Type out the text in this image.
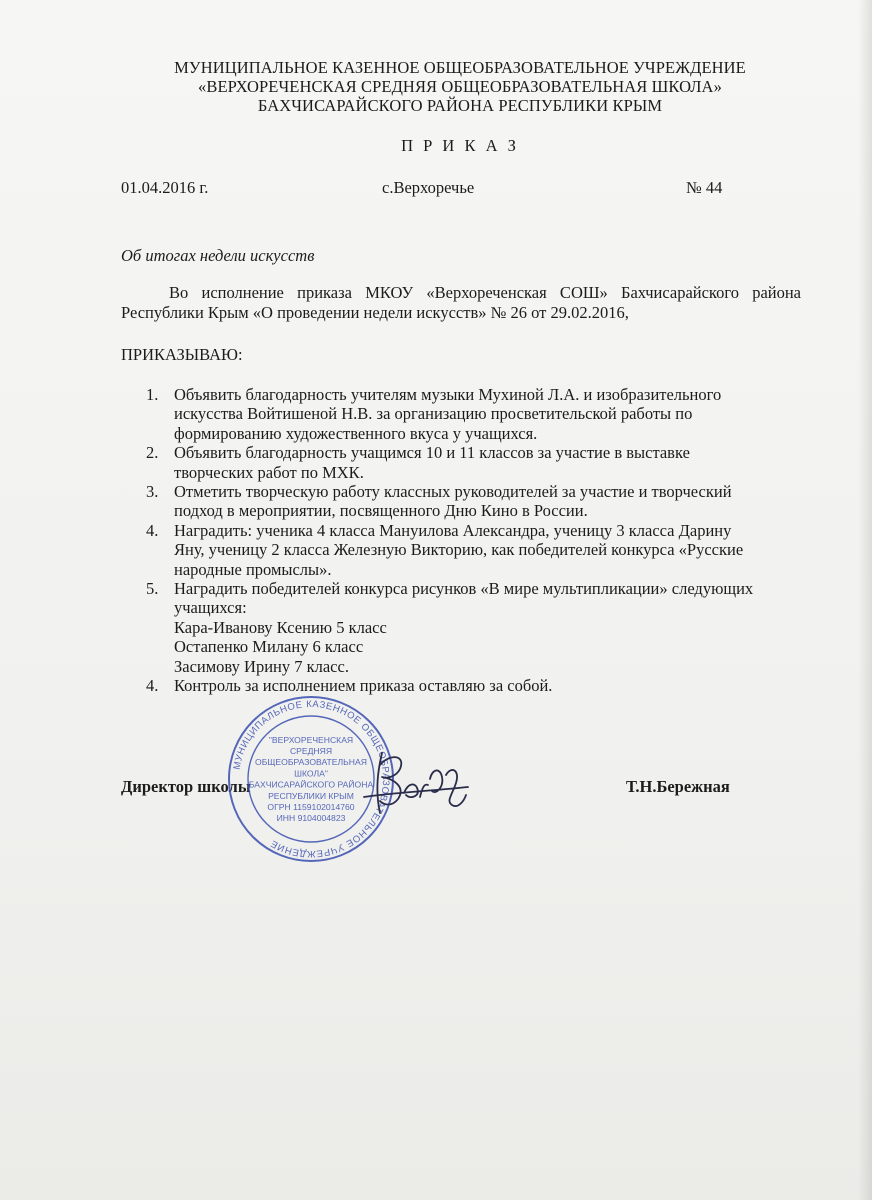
МУНИЦИПАЛЬНОЕ КАЗЕННОЕ ОБЩЕОБРАЗОВАТЕЛЬНОЕ УЧРЕЖДЕНИЕ
«ВЕРХОРЕЧЕНСКАЯ СРЕДНЯЯ ОБЩЕОБРАЗОВАТЕЛЬНАЯ ШКОЛА»
БАХЧИСАРАЙСКОГО РАЙОНА РЕСПУБЛИКИ КРЫМ
П Р И К А З
01.04.2016 г.	с.Верхоречье	№ 44
Об итогах недели искусств
Во исполнение приказа МКОУ «Верхореченская СОШ» Бахчисарайского района Республики Крым «О проведении недели искусств» № 26 от 29.02.2016,
ПРИКАЗЫВАЮ:
1. Объявить благодарность учителям музыки Мухиной Л.А. и изобразительного
искусства Войтишеной Н.В. за организацию просветительской работы по
формированию художественного вкуса у учащихся.
2. Объявить благодарность учащимся 10 и 11 классов за участие в выставке
творческих работ по МХК.
3. Отметить творческую работу классных руководителей за участие и творческий
подход в мероприятии, посвященного Дню Кино в России.
4. Наградить: ученика 4 класса Мануилова Александра, ученицу 3 класса Дарину
Яну, ученицу 2 класса Железную Викторию, как победителей конкурса «Русские
народные промыслы».
5. Наградить победителей конкурса рисунков «В мире мультипликации» следующих
учащихся:
Кара-Иванову Ксению 5 класс
Остапенко Милану 6 класс
Засимову Ирину 7 класс.
4. Контроль за исполнением приказа оставляю за собой.
Директор школы	Т.Н.Бережная
МУНИЦИПАЛЬНОЕ КАЗЕННОЕ ОБЩЕОБРАЗОВАТЕЛЬНОЕ УЧРЕЖДЕНИЕ
"ВЕРХОРЕЧЕНСКАЯ
СРЕДНЯЯ
ОБЩЕОБРАЗОВАТЕЛЬНАЯ
ШКОЛА"
БАХЧИСАРАЙСКОГО РАЙОНА
РЕСПУБЛИКИ КРЫМ
ОГРН 1159102014760
ИНН 9104004823
